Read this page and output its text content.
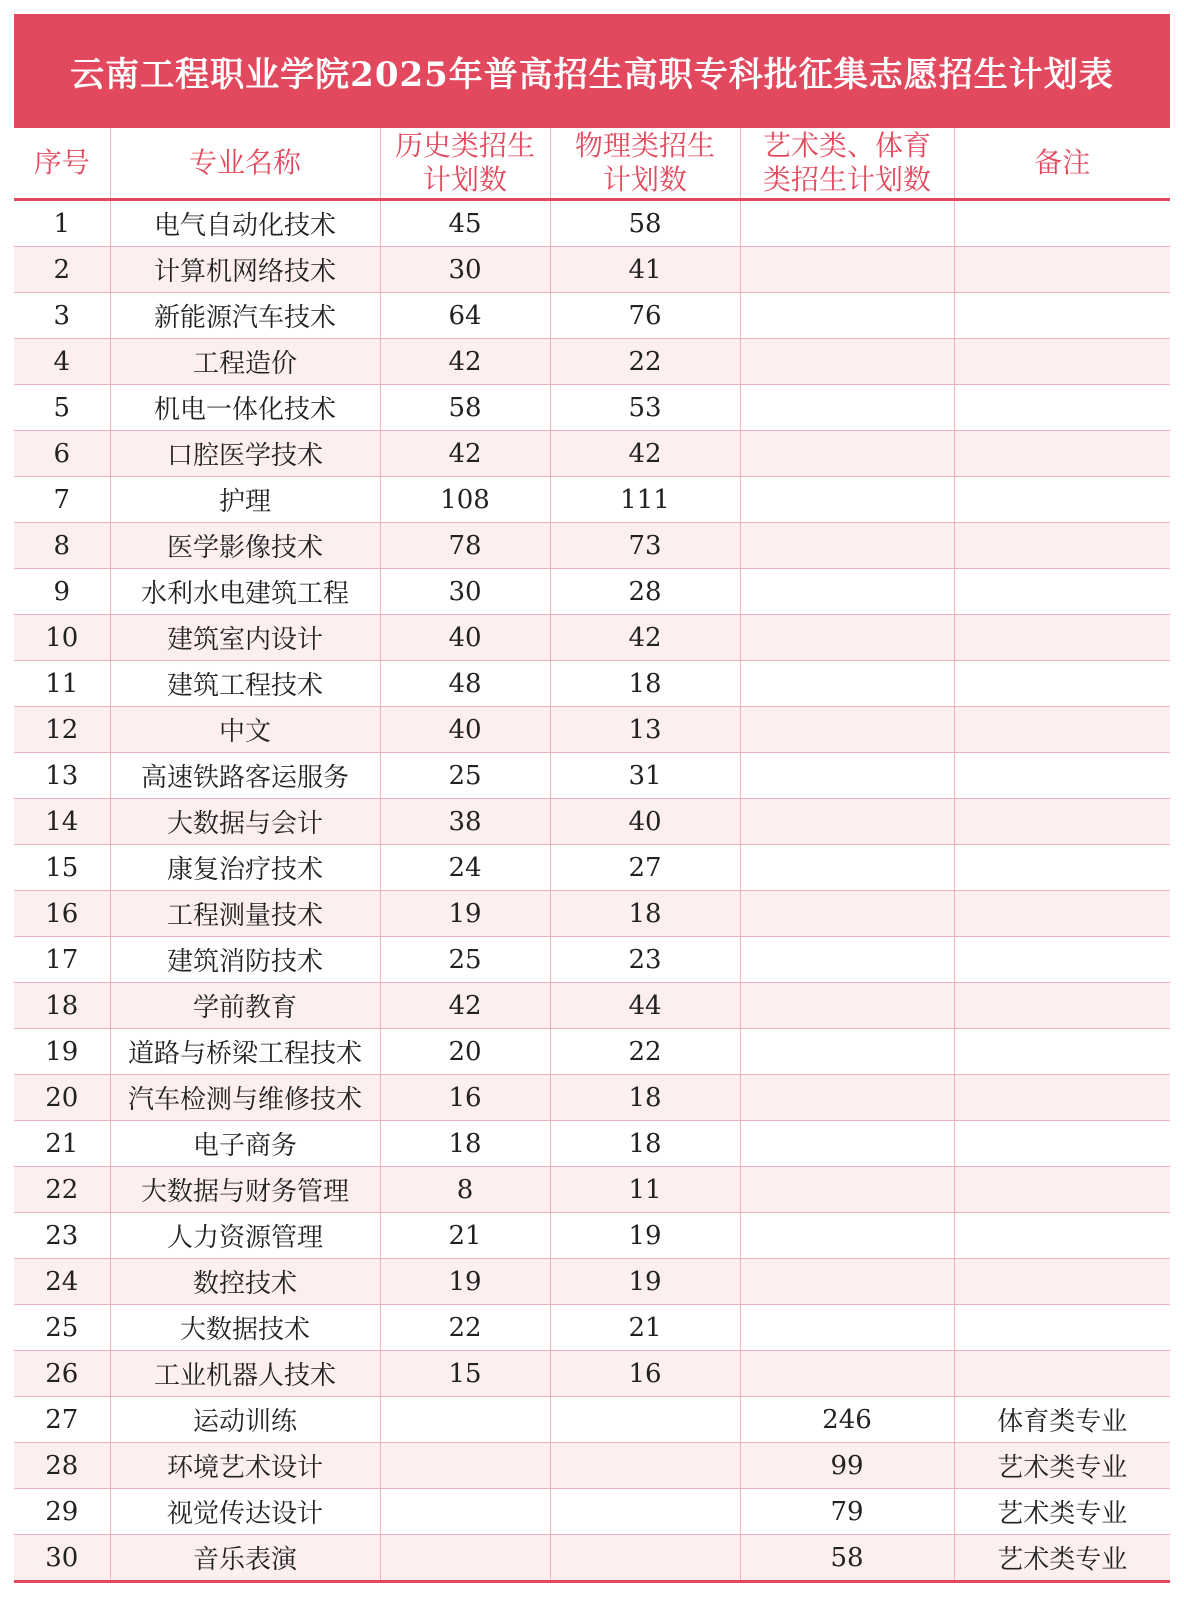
云南工程职业学院2025年普高招生高职专科批征集志愿招生计划表
序号	专业名称	历史类招生计划数	物理类招生计划数	艺术类、体育类招生计划数	备注
1	电气自动化技术	45	58		
2	计算机网络技术	30	41		
3	新能源汽车技术	64	76		
4	工程造价	42	22		
5	机电一体化技术	58	53		
6	口腔医学技术	42	42		
7	护理	108	111		
8	医学影像技术	78	73		
9	水利水电建筑工程	30	28		
10	建筑室内设计	40	42		
11	建筑工程技术	48	18		
12	中文	40	13		
13	高速铁路客运服务	25	31		
14	大数据与会计	38	40		
15	康复治疗技术	24	27		
16	工程测量技术	19	18		
17	建筑消防技术	25	23		
18	学前教育	42	44		
19	道路与桥梁工程技术	20	22		
20	汽车检测与维修技术	16	18		
21	电子商务	18	18		
22	大数据与财务管理	8	11		
23	人力资源管理	21	19		
24	数控技术	19	19		
25	大数据技术	22	21		
26	工业机器人技术	15	16		
27	运动训练			246	体育类专业
28	环境艺术设计			99	艺术类专业
29	视觉传达设计			79	艺术类专业
30	音乐表演			58	艺术类专业
